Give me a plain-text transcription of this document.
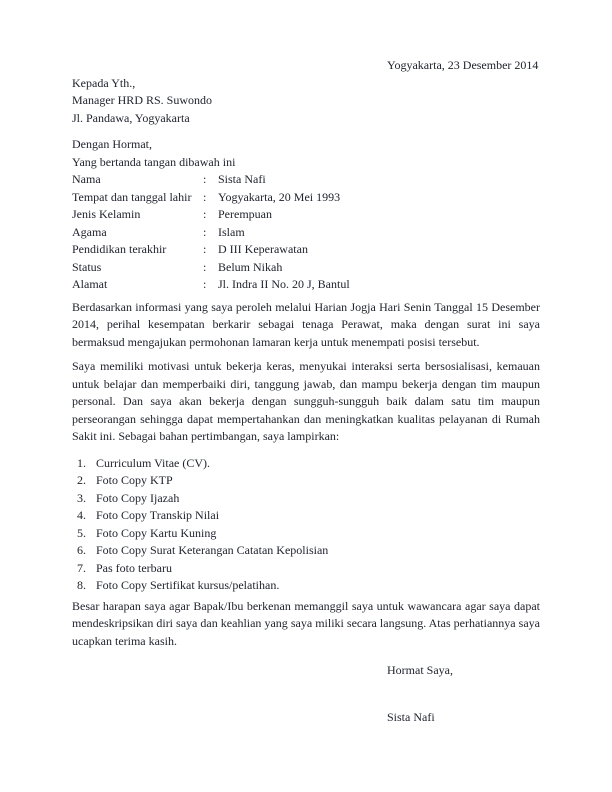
Yogyakarta, 23 Desember 2014
Kepada Yth.,
Manager HRD RS. Suwondo
Jl. Pandawa, Yogyakarta
Dengan Hormat,
Yang bertanda tangan dibawah ini
Nama	: Sista Nafi
Tempat dan tanggal lahir : Yogyakarta, 20 Mei 1993
Jenis Kelamin	: Perempuan
Agama	: Islam
Pendidikan terakhir	: D III Keperawatan
Status	: Belum Nikah
Alamat	: Jl. Indra II No. 20 J, Bantul

Berdasarkan informasi yang saya peroleh melalui Harian Jogja Hari Senin Tanggal 15 Desember 2014, perihal kesempatan berkarir sebagai tenaga Perawat, maka dengan surat ini saya bermaksud mengajukan permohonan lamaran kerja untuk menempati posisi tersebut.

Saya memiliki motivasi untuk bekerja keras, menyukai interaksi serta bersosialisasi, kemauan untuk belajar dan memperbaiki diri, tanggung jawab, dan mampu bekerja dengan tim maupun personal. Dan saya akan bekerja dengan sungguh-sungguh baik dalam satu tim maupun perseorangan sehingga dapat mempertahankan dan meningkatkan kualitas pelayanan di Rumah Sakit ini. Sebagai bahan pertimbangan, saya lampirkan:

1. Curriculum Vitae (CV).
2. Foto Copy KTP
3. Foto Copy Ijazah
4. Foto Copy Transkip Nilai
5. Foto Copy Kartu Kuning
6. Foto Copy Surat Keterangan Catatan Kepolisian
7. Pas foto terbaru
8. Foto Copy Sertifikat kursus/pelatihan.

Besar harapan saya agar Bapak/Ibu berkenan memanggil saya untuk wawancara agar saya dapat mendeskripsikan diri saya dan keahlian yang saya miliki secara langsung. Atas perhatiannya saya ucapkan terima kasih.

Hormat Saya,
Sista Nafi
